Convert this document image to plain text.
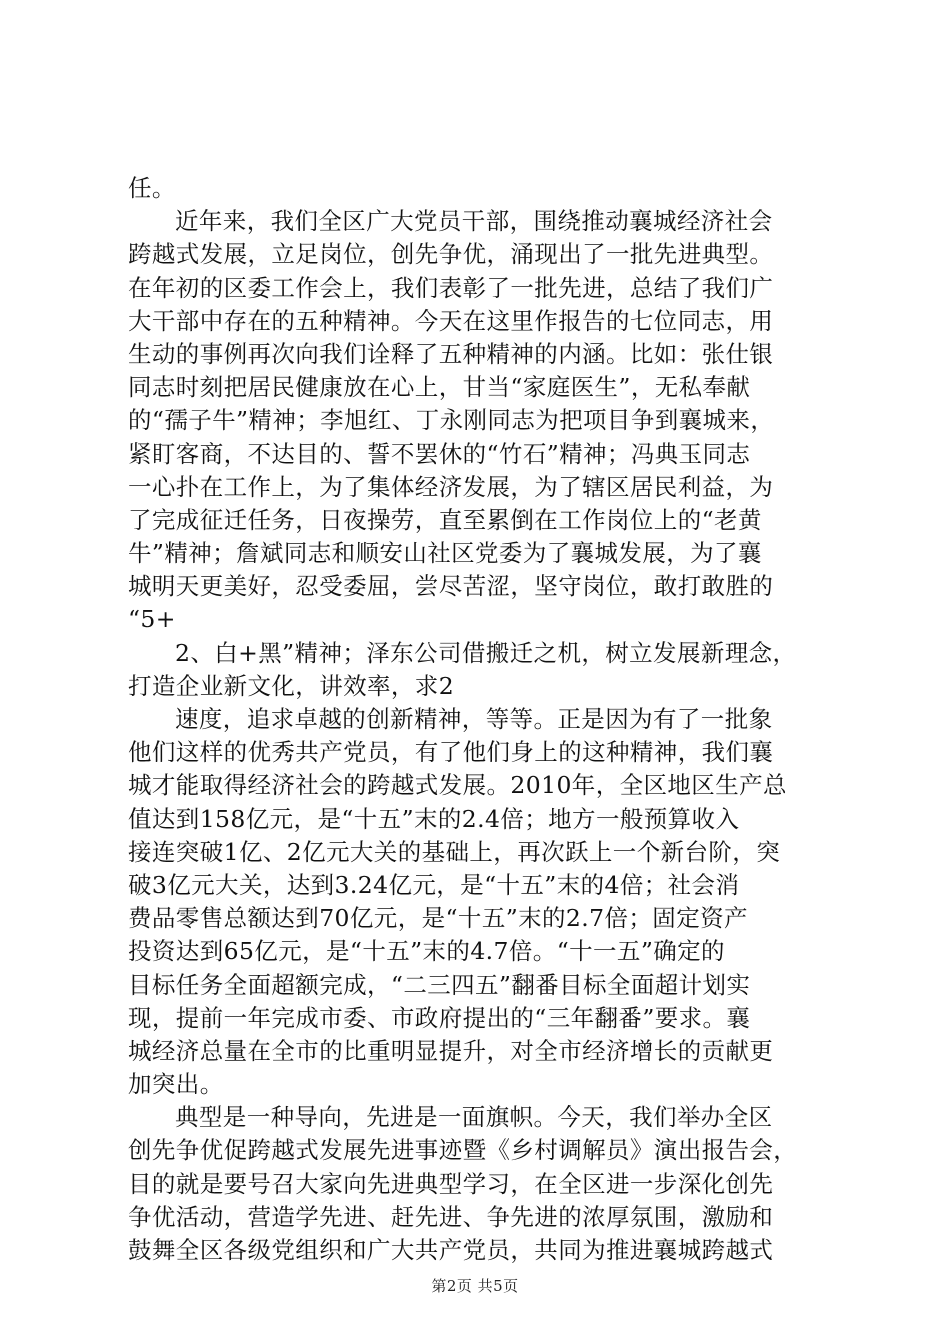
任。
近年来，我们全区广大党员干部，围绕推动襄城经济社会
跨越式发展，立足岗位，创先争优，涌现出了一批先进典型。
在年初的区委工作会上，我们表彰了一批先进，总结了我们广
大干部中存在的五种精神。今天在这里作报告的七位同志，用
生动的事例再次向我们诠释了五种精神的内涵。比如：张仕银
同志时刻把居民健康放在心上，甘当“家庭医生”，无私奉献
的“孺子牛”精神；李旭红、丁永刚同志为把项目争到襄城来，
紧盯客商，不达目的、誓不罢休的“竹石”精神；冯典玉同志
一心扑在工作上，为了集体经济发展，为了辖区居民利益，为
了完成征迁任务，日夜操劳，直至累倒在工作岗位上的“老黄
牛”精神；詹斌同志和顺安山社区党委为了襄城发展，为了襄
城明天更美好，忍受委屈，尝尽苦涩，坚守岗位，敢打敢胜的
“5+
2、白+黑”精神；泽东公司借搬迁之机，树立发展新理念，
打造企业新文化，讲效率，求2
速度，追求卓越的创新精神，等等。正是因为有了一批象
他们这样的优秀共产党员，有了他们身上的这种精神，我们襄
城才能取得经济社会的跨越式发展。2010年，全区地区生产总
值达到158亿元，是“十五”末的2.4倍；地方一般预算收入
接连突破1亿、2亿元大关的基础上，再次跃上一个新台阶，突
破3亿元大关，达到3.24亿元，是“十五”末的4倍；社会消
费品零售总额达到70亿元，是“十五”末的2.7倍；固定资产
投资达到65亿元，是“十五”末的4.7倍。“十一五”确定的
目标任务全面超额完成，“二三四五”翻番目标全面超计划实
现，提前一年完成市委、市政府提出的“三年翻番”要求。襄
城经济总量在全市的比重明显提升，对全市经济增长的贡献更
加突出。
典型是一种导向，先进是一面旗帜。今天，我们举办全区
创先争优促跨越式发展先进事迹暨《乡村调解员》演出报告会，
目的就是要号召大家向先进典型学习，在全区进一步深化创先
争优活动，营造学先进、赶先进、争先进的浓厚氛围，激励和
鼓舞全区各级党组织和广大共产党员，共同为推进襄城跨越式
第2页 共5页
